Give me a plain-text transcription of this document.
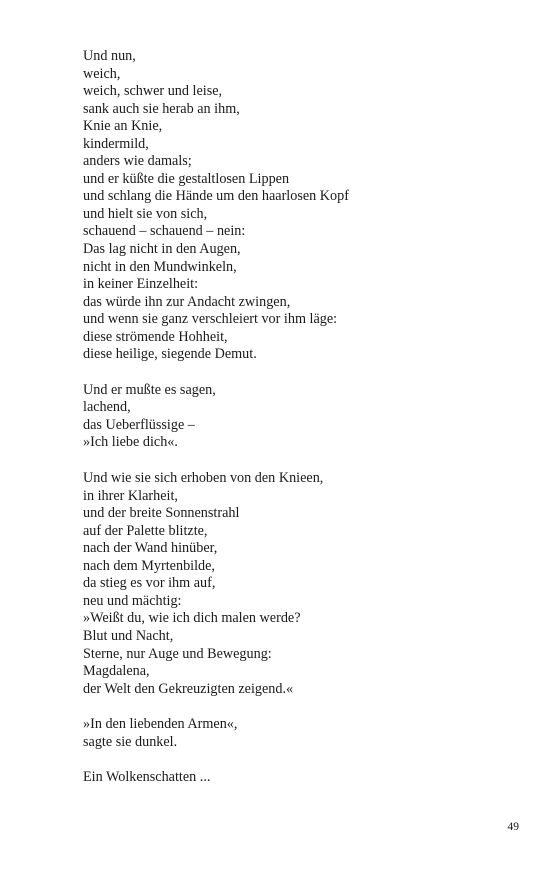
Und nun,
weich,
weich, schwer und leise,
sank auch sie herab an ihm,
Knie an Knie,
kindermild,
anders wie damals;
und er küßte die gestaltlosen Lippen
und schlang die Hände um den haarlosen Kopf
und hielt sie von sich,
schauend – schauend – nein:
Das lag nicht in den Augen,
nicht in den Mundwinkeln,
in keiner Einzelheit:
das würde ihn zur Andacht zwingen,
und wenn sie ganz verschleiert vor ihm läge:
diese strömende Hohheit,
diese heilige, siegende Demut.
Und er mußte es sagen,
lachend,
das Ueberflüssige –
»Ich liebe dich«.
Und wie sie sich erhoben von den Knieen,
in ihrer Klarheit,
und der breite Sonnenstrahl
auf der Palette blitzte,
nach der Wand hinüber,
nach dem Myrtenbilde,
da stieg es vor ihm auf,
neu und mächtig:
»Weißt du, wie ich dich malen werde?
Blut und Nacht,
Sterne, nur Auge und Bewegung:
Magdalena,
der Welt den Gekreuzigten zeigend.«
»In den liebenden Armen«,
sagte sie dunkel.
Ein Wolkenschatten ...
49
